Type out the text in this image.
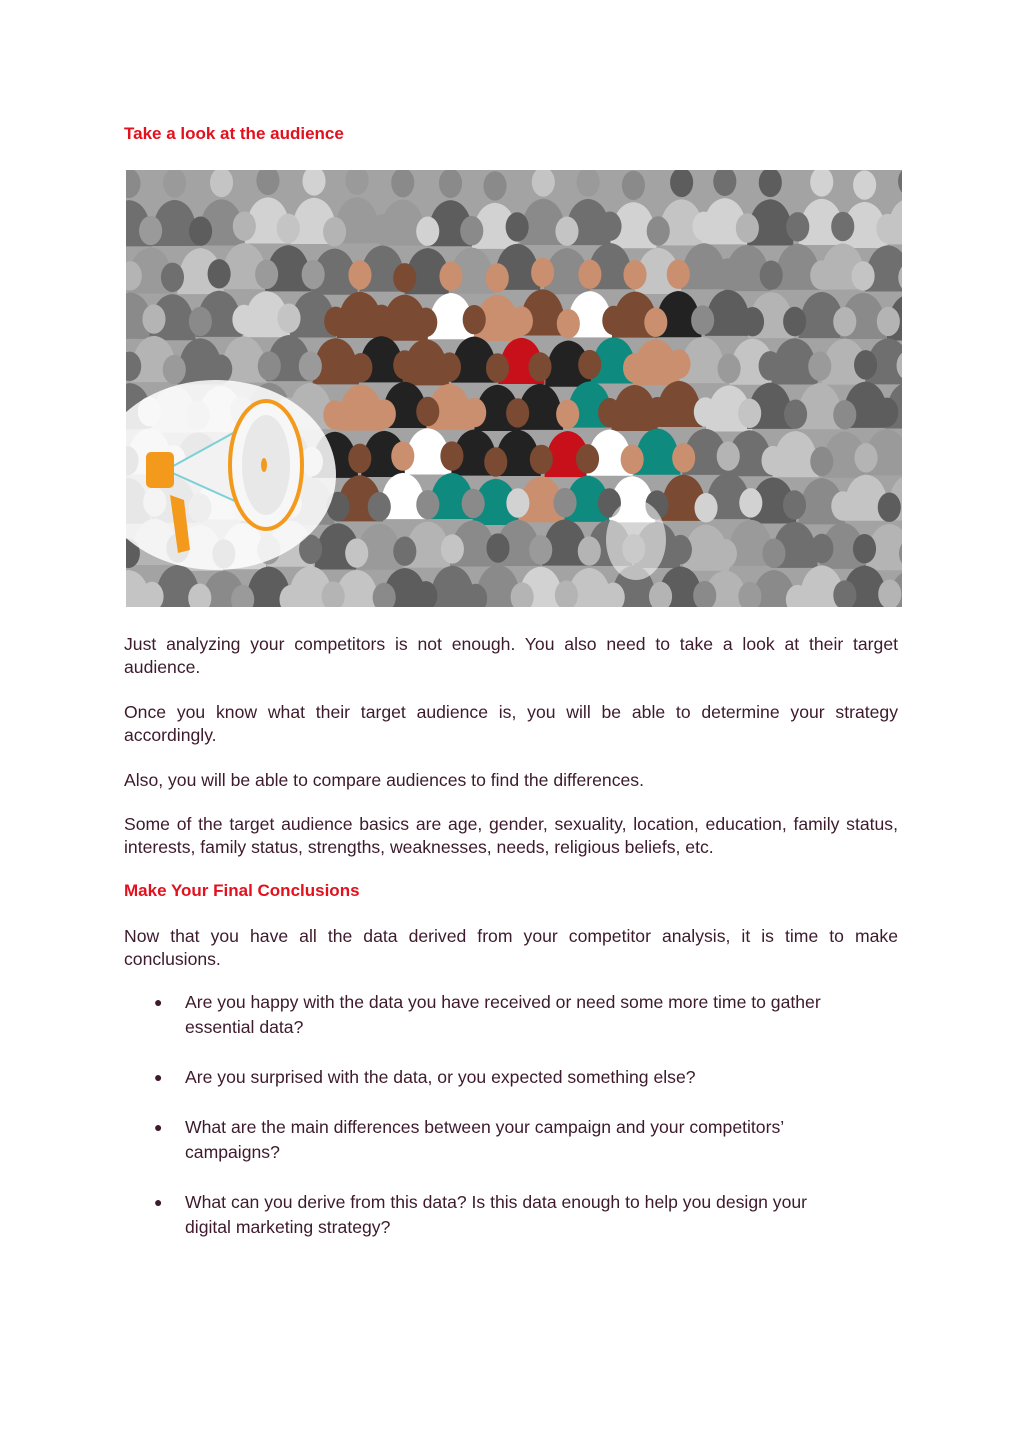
Take a look at the audience

Just analyzing your competitors is not enough. You also need to take a look at their target audience.

Once you know what their target audience is, you will be able to determine your strategy accordingly.

Also, you will be able to compare audiences to find the differences.

Some of the target audience basics are age, gender, sexuality, location, education, family status, interests, family status, strengths, weaknesses, needs, religious beliefs, etc.

Make Your Final Conclusions

Now that you have all the data derived from your competitor analysis, it is time to make conclusions.

● Are you happy with the data you have received or need some more time to gather essential data?
● Are you surprised with the data, or you expected something else?
● What are the main differences between your campaign and your competitors’ campaigns?
● What can you derive from this data? Is this data enough to help you design your digital marketing strategy?
